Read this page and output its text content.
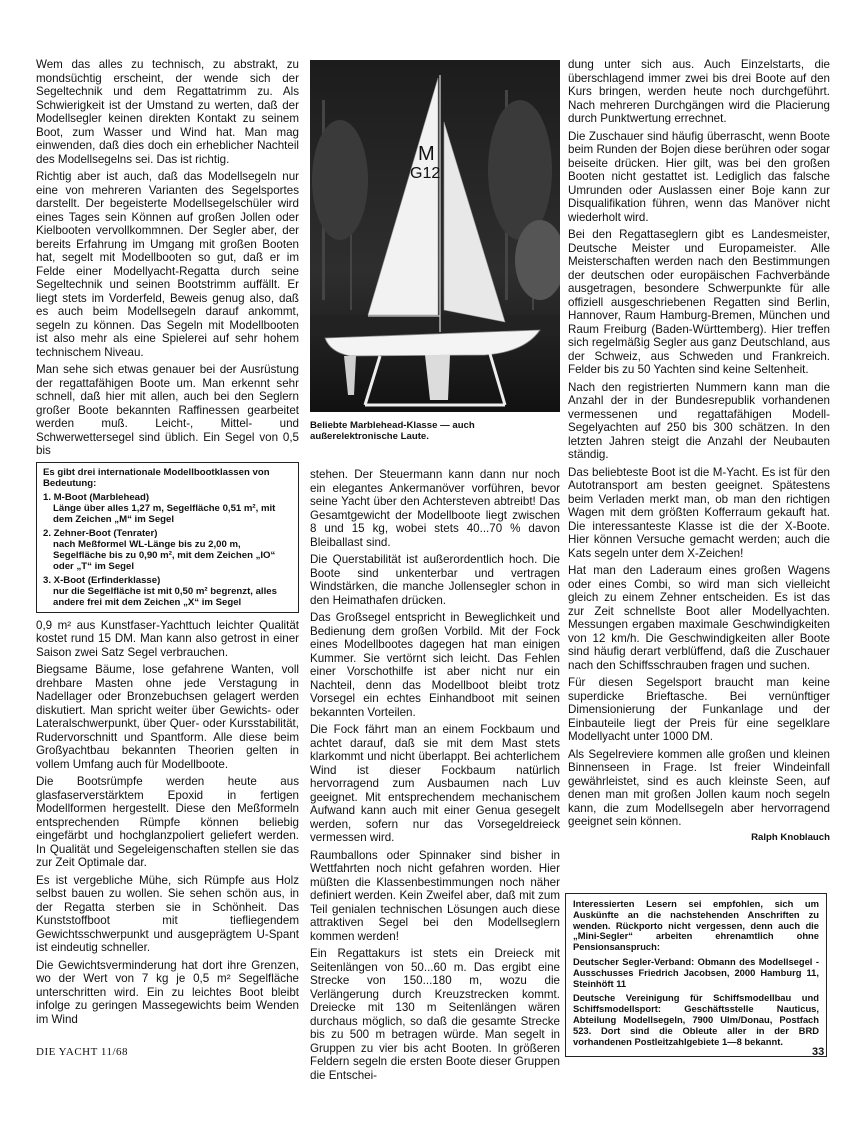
Wem das alles zu technisch, zu abstrakt, zu mondsüchtig erscheint, der wende sich der Segeltechnik und dem Regattatrimm zu. Als Schwierigkeit ist der Umstand zu werten, daß der Modellsegler keinen direkten Kontakt zu seinem Boot, zum Wasser und Wind hat. Man mag einwenden, daß dies doch ein erheblicher Nachteil des Modellsegelns sei. Das ist richtig.

Richtig aber ist auch, daß das Modellsegeln nur eine von mehreren Varianten des Segelsportes darstellt. Der begeisterte Modellsegelschüler wird eines Tages sein Können auf großen Jollen oder Kielbooten vervollkommnen. Der Segler aber, der bereits Erfahrung im Umgang mit großen Booten hat, segelt mit Modellbooten so gut, daß er im Felde einer Modellyacht-Regatta durch seine Segeltechnik und seinen Bootstrimm auffällt. Er liegt stets im Vorderfeld, Beweis genug also, daß es auch beim Modellsegeln darauf ankommt, segeln zu können. Das Segeln mit Modellbooten ist also mehr als eine Spielerei auf sehr hohem technischem Niveau.

Man sehe sich etwas genauer bei der Ausrüstung der regattafähigen Boote um. Man erkennt sehr schnell, daß hier mit allen, auch bei den Seglern großer Boote bekannten Raffinessen gearbeitet werden muß. Leicht-, Mittel- und Schwerwettersegel sind üblich. Ein Segel von 0,5 bis

Es gibt drei internationale Modellbootklassen von Bedeutung:
1. M-Boot (Marblehead)
Länge über alles 1,27 m, Segelfläche 0,51 m², mit dem Zeichen „M“ im Segel
2. Zehner-Boot (Tenrater)
nach Meßformel WL-Länge bis zu 2,00 m, Segelfläche bis zu 0,90 m², mit dem Zeichen „IO“ oder „T“ im Segel
3. X-Boot (Erfinderklasse)
nur die Segelfläche ist mit 0,50 m² begrenzt, alles andere frei mit dem Zeichen „X“ im Segel

0,9 m² aus Kunstfaser-Yachttuch leichter Qualität kostet rund 15 DM. Man kann also getrost in einer Saison zwei Satz Segel verbrauchen.

Biegsame Bäume, lose gefahrene Wanten, voll drehbare Masten ohne jede Verstagung in Nadellager oder Bronzebuchsen gelagert werden diskutiert. Man spricht weiter über Gewichts- oder Lateralschwerpunkt, über Quer- oder Kursstabilität, Rudervorschnitt und Spantform. Alle diese beim Großyachtbau bekannten Theorien gelten in vollem Umfang auch für Modellboote.

Die Bootsrümpfe werden heute aus glasfaserverstärktem Epoxid in fertigen Modellformen hergestellt. Diese den Meßformeln entsprechenden Rümpfe können beliebig eingefärbt und hochglanzpoliert geliefert werden. In Qualität und Segeleigenschaften stellen sie das zur Zeit Optimale dar.

Es ist vergebliche Mühe, sich Rümpfe aus Holz selbst bauen zu wollen. Sie sehen schön aus, in der Regatta sterben sie in Schönheit. Das Kunststoffboot mit tiefliegendem Gewichtsschwerpunkt und ausgeprägtem U-Spant ist eindeutig schneller.

Die Gewichtsverminderung hat dort ihre Grenzen, wo der Wert von 7 kg je 0,5 m² Segelfläche unterschritten wird. Ein zu leichtes Boot bleibt infolge zu geringen Massegewichts beim Wenden im Wind

M
G12
Beliebte Marblehead-Klasse — auch außerelektronische Laute.

stehen. Der Steuermann kann dann nur noch ein elegantes Ankermanöver vorführen, bevor seine Yacht über den Achtersteven abtreibt! Das Gesamtgewicht der Modellboote liegt zwischen 8 und 15 kg, wobei stets 40...70 % davon Bleiballast sind.

Die Querstabilität ist außerordentlich hoch. Die Boote sind unkenterbar und vertragen Windstärken, die manche Jollensegler schon in den Heimathafen drücken.

Das Großsegel entspricht in Beweglichkeit und Bedienung dem großen Vorbild. Mit der Fock eines Modellbootes dagegen hat man einigen Kummer. Sie vertörnt sich leicht. Das Fehlen einer Vorschothilfe ist aber nicht nur ein Nachteil, denn das Modellboot bleibt trotz Vorsegel ein echtes Einhandboot mit seinen bekannten Vorteilen.

Die Fock fährt man an einem Fockbaum und achtet darauf, daß sie mit dem Mast stets klarkommt und nicht überlappt. Bei achterlichem Wind ist dieser Fockbaum natürlich hervorragend zum Ausbaumen nach Luv geeignet. Mit entsprechendem mechanischem Aufwand kann auch mit einer Genua gesegelt werden, sofern nur das Vorsegeldreieck vermessen wird.

Raumballons oder Spinnaker sind bisher in Wettfahrten noch nicht gefahren worden. Hier müßten die Klassenbestimmungen noch näher definiert werden. Kein Zweifel aber, daß mit zum Teil genialen technischen Lösungen auch diese attraktiven Segel bei den Modellseglern kommen werden!

Ein Regattakurs ist stets ein Dreieck mit Seitenlängen von 50...60 m. Das ergibt eine Strecke von 150...180 m, wozu die Verlängerung durch Kreuzstrecken kommt. Dreiecke mit 130 m Seitenlängen wären durchaus möglich, so daß die gesamte Strecke bis zu 500 m betragen würde. Man segelt in Gruppen zu vier bis acht Booten. In größeren Feldern segeln die ersten Boote dieser Gruppen die Entschei-

dung unter sich aus. Auch Einzelstarts, die überschlagend immer zwei bis drei Boote auf den Kurs bringen, werden heute noch durchgeführt. Nach mehreren Durchgängen wird die Placierung durch Punktwertung errechnet.

Die Zuschauer sind häufig überrascht, wenn Boote beim Runden der Bojen diese berühren oder sogar beiseite drücken. Hier gilt, was bei den großen Booten nicht gestattet ist. Lediglich das falsche Umrunden oder Auslassen einer Boje kann zur Disqualifikation führen, wenn das Manöver nicht wiederholt wird.

Bei den Regattaseglern gibt es Landesmeister, Deutsche Meister und Europameister. Alle Meisterschaften werden nach den Bestimmungen der deutschen oder europäischen Fachverbände ausgetragen, besondere Schwerpunkte für alle offiziell ausgeschriebenen Regatten sind Berlin, Hannover, Raum Hamburg-Bremen, München und Raum Freiburg (Baden-Württemberg). Hier treffen sich regelmäßig Segler aus ganz Deutschland, aus der Schweiz, aus Schweden und Frankreich. Felder bis zu 50 Yachten sind keine Seltenheit.

Nach den registrierten Nummern kann man die Anzahl der in der Bundesrepublik vorhandenen vermessenen und regattafähigen Modell-Segelyachten auf 250 bis 300 schätzen. In den letzten Jahren steigt die Anzahl der Neubauten ständig.

Das beliebteste Boot ist die M-Yacht. Es ist für den Autotransport am besten geeignet. Spätestens beim Verladen merkt man, ob man den richtigen Wagen mit dem größten Kofferraum gekauft hat. Die interessanteste Klasse ist die der X-Boote. Hier können Versuche gemacht werden; auch die Kats segeln unter dem X-Zeichen!

Hat man den Laderaum eines großen Wagens oder eines Combi, so wird man sich vielleicht gleich zu einem Zehner entscheiden. Es ist das zur Zeit schnellste Boot aller Modellyachten. Messungen ergaben maximale Geschwindigkeiten von 12 km/h. Die Geschwindigkeiten aller Boote sind häufig derart verblüffend, daß die Zuschauer nach den Schiffsschrauben fragen und suchen.

Für diesen Segelsport braucht man keine superdicke Brieftasche. Bei vernünftiger Dimensionierung der Funkanlage und der Einbauteile liegt der Preis für eine segelklare Modellyacht unter 1000 DM.

Als Segelreviere kommen alle großen und kleinen Binnenseen in Frage. Ist freier Windeinfall gewährleistet, sind es auch kleinste Seen, auf denen man mit großen Jollen kaum noch segeln kann, die zum Modellsegeln aber hervorragend geeignet sein können.

Ralph Knoblauch

Interessierten Lesern sei empfohlen, sich um Auskünfte an die nachstehenden Anschriften zu wenden. Rückporto nicht vergessen, denn auch die „Mini-Segler“ arbeiten ehrenamtlich ohne Pensionsanspruch:

Deutscher Segler-Verband: Obmann des Modellsegel - Ausschusses Friedrich Jacobsen, 2000 Hamburg 11, Steinhöft 11

Deutsche Vereinigung für Schiffsmodellbau und Schiffsmodellsport: Geschäftsstelle Nauticus, Abteilung Modellsegeln, 7900 Ulm/Donau, Postfach 523. Dort sind die Obleute aller in der BRD vorhandenen Postleitzahlgebiete 1—8 bekannt.

DIE YACHT 11/68	33
